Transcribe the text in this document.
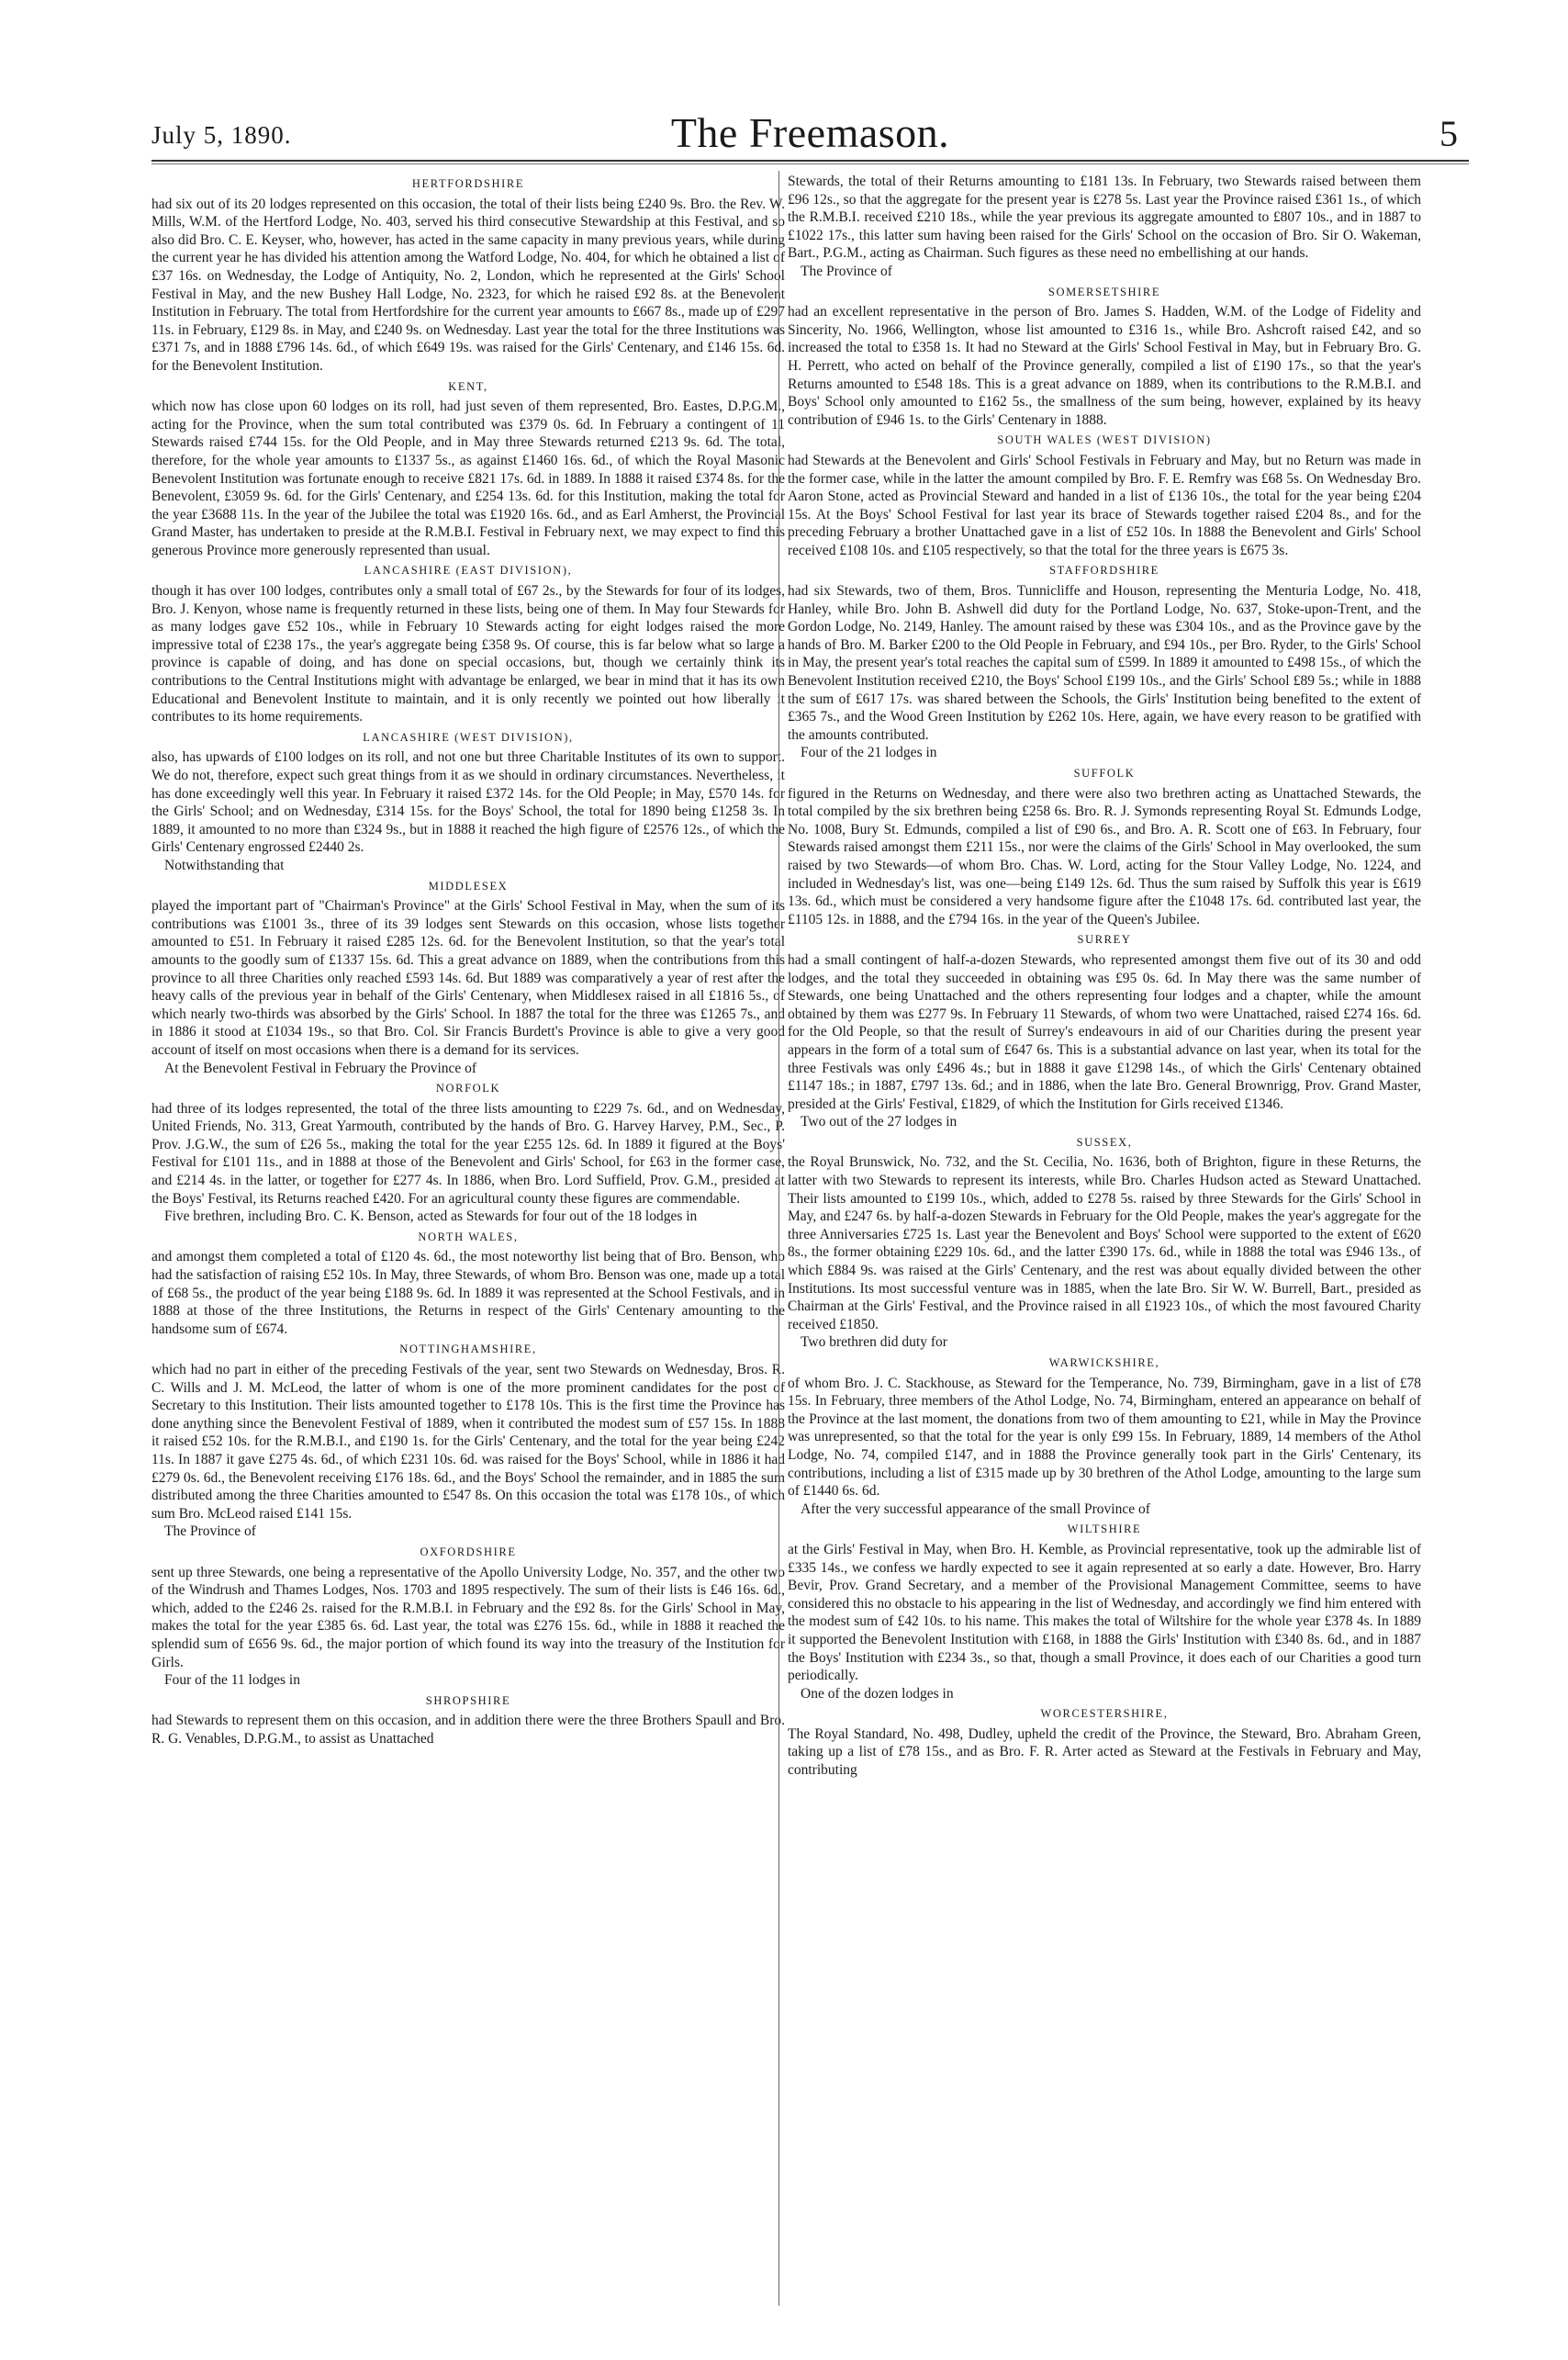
July 5, 1890.	The Freemason.	5
HERTFORDSHIRE

had six out of its 20 lodges represented on this occasion, the total of their lists being £240 9s. Bro. the Rev. W. Mills, W.M. of the Hertford Lodge, No. 403, served his third consecutive Stewardship at this Festival, and so also did Bro. C. E. Keyser, who, however, has acted in the same capacity in many previous years, while during the current year he has divided his attention among the Watford Lodge, No. 404, for which he obtained a list of £37 16s. on Wednesday, the Lodge of Antiquity, No. 2, London, which he represented at the Girls' School Festival in May, and the new Bushey Hall Lodge, No. 2323, for which he raised £92 8s. at the Benevolent Institution in February. The total from Hertfordshire for the current year amounts to £667 8s., made up of £297 11s. in February, £129 8s. in May, and £240 9s. on Wednesday. Last year the total for the three Institutions was £371 7s, and in 1888 £796 14s. 6d., of which £649 19s. was raised for the Girls' Centenary, and £146 15s. 6d. for the Benevolent Institution.

KENT,

which now has close upon 60 lodges on its roll, had just seven of them represented, Bro. Eastes, D.P.G.M., acting for the Province, when the sum total contributed was £379 0s. 6d. In February a contingent of 11 Stewards raised £744 15s. for the Old People, and in May three Stewards returned £213 9s. 6d. The total, therefore, for the whole year amounts to £1337 5s., as against £1460 16s. 6d., of which the Royal Masonic Benevolent Institution was fortunate enough to receive £821 17s. 6d. in 1889. In 1888 it raised £374 8s. for the Benevolent, £3059 9s. 6d. for the Girls' Centenary, and £254 13s. 6d. for this Institution, making the total for the year £3688 11s. In the year of the Jubilee the total was £1920 16s. 6d., and as Earl Amherst, the Provincial Grand Master, has undertaken to preside at the R.M.B.I. Festival in February next, we may expect to find this generous Province more generously represented than usual.

LANCASHIRE (EAST DIVISION),

though it has over 100 lodges, contributes only a small total of £67 2s., by the Stewards for four of its lodges, Bro. J. Kenyon, whose name is frequently returned in these lists, being one of them. In May four Stewards for as many lodges gave £52 10s., while in February 10 Stewards acting for eight lodges raised the more impressive total of £238 17s., the year's aggregate being £358 9s. Of course, this is far below what so large a province is capable of doing, and has done on special occasions, but, though we certainly think its contributions to the Central Institutions might with advantage be enlarged, we bear in mind that it has its own Educational and Benevolent Institute to maintain, and it is only recently we pointed out how liberally it contributes to its home requirements.

LANCASHIRE (WEST DIVISION),

also, has upwards of £100 lodges on its roll, and not one but three Charitable Institutes of its own to support. We do not, therefore, expect such great things from it as we should in ordinary circumstances. Nevertheless, it has done exceedingly well this year. In February it raised £372 14s. for the Old People; in May, £570 14s. for the Girls' School; and on Wednesday, £314 15s. for the Boys' School, the total for 1890 being £1258 3s. In 1889, it amounted to no more than £324 9s., but in 1888 it reached the high figure of £2576 12s., of which the Girls' Centenary engrossed £2440 2s.

Notwithstanding that

MIDDLESEX

played the important part of "Chairman's Province" at the Girls' School Festival in May, when the sum of its contributions was £1001 3s., three of its 39 lodges sent Stewards on this occasion, whose lists together amounted to £51. In February it raised £285 12s. 6d. for the Benevolent Institution, so that the year's total amounts to the goodly sum of £1337 15s. 6d. This a great advance on 1889, when the contributions from this province to all three Charities only reached £593 14s. 6d. But 1889 was comparatively a year of rest after the heavy calls of the previous year in behalf of the Girls' Centenary, when Middlesex raised in all £1816 5s., of which nearly two-thirds was absorbed by the Girls' School. In 1887 the total for the three was £1265 7s., and in 1886 it stood at £1034 19s., so that Bro. Col. Sir Francis Burdett's Province is able to give a very good account of itself on most occasions when there is a demand for its services.

At the Benevolent Festival in February the Province of

NORFOLK

had three of its lodges represented, the total of the three lists amounting to £229 7s. 6d., and on Wednesday, United Friends, No. 313, Great Yarmouth, contributed by the hands of Bro. G. Harvey Harvey, P.M., Sec., P. Prov. J.G.W., the sum of £26 5s., making the total for the year £255 12s. 6d. In 1889 it figured at the Boys' Festival for £101 11s., and in 1888 at those of the Benevolent and Girls' School, for £63 in the former case, and £214 4s. in the latter, or together for £277 4s. In 1886, when Bro. Lord Suffield, Prov. G.M., presided at the Boys' Festival, its Returns reached £420. For an agricultural county these figures are commendable.

Five brethren, including Bro. C. K. Benson, acted as Stewards for four out of the 18 lodges in

NORTH WALES,

and amongst them completed a total of £120 4s. 6d., the most noteworthy list being that of Bro. Benson, who had the satisfaction of raising £52 10s. In May, three Stewards, of whom Bro. Benson was one, made up a total of £68 5s., the product of the year being £188 9s. 6d. In 1889 it was represented at the School Festivals, and in 1888 at those of the three Institutions, the Returns in respect of the Girls' Centenary amounting to the handsome sum of £674.

NOTTINGHAMSHIRE,

which had no part in either of the preceding Festivals of the year, sent two Stewards on Wednesday, Bros. R. C. Wills and J. M. McLeod, the latter of whom is one of the more prominent candidates for the post of Secretary to this Institution. Their lists amounted together to £178 10s. This is the first time the Province has done anything since the Benevolent Festival of 1889, when it contributed the modest sum of £57 15s. In 1888 it raised £52 10s. for the R.M.B.I., and £190 1s. for the Girls' Centenary, and the total for the year being £242 11s. In 1887 it gave £275 4s. 6d., of which £231 10s. 6d. was raised for the Boys' School, while in 1886 it had £279 0s. 6d., the Benevolent receiving £176 18s. 6d., and the Boys' School the remainder, and in 1885 the sum distributed among the three Charities amounted to £547 8s. On this occasion the total was £178 10s., of which sum Bro. McLeod raised £141 15s.

The Province of

OXFORDSHIRE

sent up three Stewards, one being a representative of the Apollo University Lodge, No. 357, and the other two of the Windrush and Thames Lodges, Nos. 1703 and 1895 respectively. The sum of their lists is £46 16s. 6d., which, added to the £246 2s. raised for the R.M.B.I. in February and the £92 8s. for the Girls' School in May, makes the total for the year £385 6s. 6d. Last year, the total was £276 15s. 6d., while in 1888 it reached the splendid sum of £656 9s. 6d., the major portion of which found its way into the treasury of the Institution for Girls.

Four of the 11 lodges in

SHROPSHIRE

had Stewards to represent them on this occasion, and in addition there were the three Brothers Spaull and Bro. R. G. Venables, D.P.G.M., to assist as Unattached

Stewards, the total of their Returns amounting to £181 13s. In February, two Stewards raised between them £96 12s., so that the aggregate for the present year is £278 5s. Last year the Province raised £361 1s., of which the R.M.B.I. received £210 18s., while the year previous its aggregate amounted to £807 10s., and in 1887 to £1022 17s., this latter sum having been raised for the Girls' School on the occasion of Bro. Sir O. Wakeman, Bart., P.G.M., acting as Chairman. Such figures as these need no embellishing at our hands.

The Province of

SOMERSETSHIRE

had an excellent representative in the person of Bro. James S. Hadden, W.M. of the Lodge of Fidelity and Sincerity, No. 1966, Wellington, whose list amounted to £316 1s., while Bro. Ashcroft raised £42, and so increased the total to £358 1s. It had no Steward at the Girls' School Festival in May, but in February Bro. G. H. Perrett, who acted on behalf of the Province generally, compiled a list of £190 17s., so that the year's Returns amounted to £548 18s. This is a great advance on 1889, when its contributions to the R.M.B.I. and Boys' School only amounted to £162 5s., the smallness of the sum being, however, explained by its heavy contribution of £946 1s. to the Girls' Centenary in 1888.

SOUTH WALES (WEST DIVISION)

had Stewards at the Benevolent and Girls' School Festivals in February and May, but no Return was made in the former case, while in the latter the amount compiled by Bro. F. E. Remfry was £68 5s. On Wednesday Bro. Aaron Stone, acted as Provincial Steward and handed in a list of £136 10s., the total for the year being £204 15s. At the Boys' School Festival for last year its brace of Stewards together raised £204 8s., and for the preceding February a brother Unattached gave in a list of £52 10s. In 1888 the Benevolent and Girls' School received £108 10s. and £105 respectively, so that the total for the three years is £675 3s.

STAFFORDSHIRE

had six Stewards, two of them, Bros. Tunnicliffe and Houson, representing the Menturia Lodge, No. 418, Hanley, while Bro. John B. Ashwell did duty for the Portland Lodge, No. 637, Stoke-upon-Trent, and the Gordon Lodge, No. 2149, Hanley. The amount raised by these was £304 10s., and as the Province gave by the hands of Bro. M. Barker £200 to the Old People in February, and £94 10s., per Bro. Ryder, to the Girls' School in May, the present year's total reaches the capital sum of £599. In 1889 it amounted to £498 15s., of which the Benevolent Institution received £210, the Boys' School £199 10s., and the Girls' School £89 5s.; while in 1888 the sum of £617 17s. was shared between the Schools, the Girls' Institution being benefited to the extent of £365 7s., and the Wood Green Institution by £262 10s. Here, again, we have every reason to be gratified with the amounts contributed.

Four of the 21 lodges in

SUFFOLK

figured in the Returns on Wednesday, and there were also two brethren acting as Unattached Stewards, the total compiled by the six brethren being £258 6s. Bro. R. J. Symonds representing Royal St. Edmunds Lodge, No. 1008, Bury St. Edmunds, compiled a list of £90 6s., and Bro. A. R. Scott one of £63. In February, four Stewards raised amongst them £211 15s., nor were the claims of the Girls' School in May overlooked, the sum raised by two Stewards—of whom Bro. Chas. W. Lord, acting for the Stour Valley Lodge, No. 1224, and included in Wednesday's list, was one—being £149 12s. 6d. Thus the sum raised by Suffolk this year is £619 13s. 6d., which must be considered a very handsome figure after the £1048 17s. 6d. contributed last year, the £1105 12s. in 1888, and the £794 16s. in the year of the Queen's Jubilee.

SURREY

had a small contingent of half-a-dozen Stewards, who represented amongst them five out of its 30 and odd lodges, and the total they succeeded in obtaining was £95 0s. 6d. In May there was the same number of Stewards, one being Unattached and the others representing four lodges and a chapter, while the amount obtained by them was £277 9s. In February 11 Stewards, of whom two were Unattached, raised £274 16s. 6d. for the Old People, so that the result of Surrey's endeavours in aid of our Charities during the present year appears in the form of a total sum of £647 6s. This is a substantial advance on last year, when its total for the three Festivals was only £496 4s.; but in 1888 it gave £1298 14s., of which the Girls' Centenary obtained £1147 18s.; in 1887, £797 13s. 6d.; and in 1886, when the late Bro. General Brownrigg, Prov. Grand Master, presided at the Girls' Festival, £1829, of which the Institution for Girls received £1346.

Two out of the 27 lodges in

SUSSEX,

the Royal Brunswick, No. 732, and the St. Cecilia, No. 1636, both of Brighton, figure in these Returns, the latter with two Stewards to represent its interests, while Bro. Charles Hudson acted as Steward Unattached. Their lists amounted to £199 10s., which, added to £278 5s. raised by three Stewards for the Girls' School in May, and £247 6s. by half-a-dozen Stewards in February for the Old People, makes the year's aggregate for the three Anniversaries £725 1s. Last year the Benevolent and Boys' School were supported to the extent of £620 8s., the former obtaining £229 10s. 6d., and the latter £390 17s. 6d., while in 1888 the total was £946 13s., of which £884 9s. was raised at the Girls' Centenary, and the rest was about equally divided between the other Institutions. Its most successful venture was in 1885, when the late Bro. Sir W. W. Burrell, Bart., presided as Chairman at the Girls' Festival, and the Province raised in all £1923 10s., of which the most favoured Charity received £1850.

Two brethren did duty for

WARWICKSHIRE,

of whom Bro. J. C. Stackhouse, as Steward for the Temperance, No. 739, Birmingham, gave in a list of £78 15s. In February, three members of the Athol Lodge, No. 74, Birmingham, entered an appearance on behalf of the Province at the last moment, the donations from two of them amounting to £21, while in May the Province was unrepresented, so that the total for the year is only £99 15s. In February, 1889, 14 members of the Athol Lodge, No. 74, compiled £147, and in 1888 the Province generally took part in the Girls' Centenary, its contributions, including a list of £315 made up by 30 brethren of the Athol Lodge, amounting to the large sum of £1440 6s. 6d.

After the very successful appearance of the small Province of

WILTSHIRE

at the Girls' Festival in May, when Bro. H. Kemble, as Provincial representative, took up the admirable list of £335 14s., we confess we hardly expected to see it again represented at so early a date. However, Bro. Harry Bevir, Prov. Grand Secretary, and a member of the Provisional Management Committee, seems to have considered this no obstacle to his appearing in the list of Wednesday, and accordingly we find him entered with the modest sum of £42 10s. to his name. This makes the total of Wiltshire for the whole year £378 4s. In 1889 it supported the Benevolent Institution with £168, in 1888 the Girls' Institution with £340 8s. 6d., and in 1887 the Boys' Institution with £234 3s., so that, though a small Province, it does each of our Charities a good turn periodically.

One of the dozen lodges in

WORCESTERSHIRE,

The Royal Standard, No. 498, Dudley, upheld the credit of the Province, the Steward, Bro. Abraham Green, taking up a list of £78 15s., and as Bro. F. R. Arter acted as Steward at the Festivals in February and May, contributing
